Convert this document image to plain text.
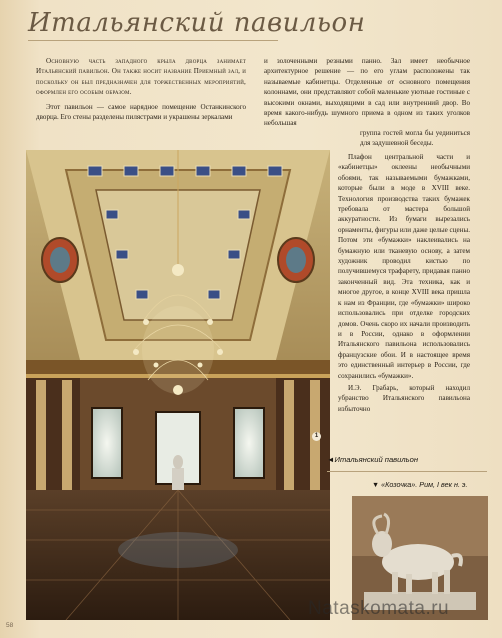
Итальянский павильон

Основную часть западного крыла дворца занимает Итальянский павильон. Он также носит название Приемный зал, и поскольку он был предназначен для торжественных мероприятий, оформлен его особым образом.

Этот павильон — самое нарядное помещение Останкинского дворца. Его стены разделены пилястрами и украшены зеркалами

и золоченными резными панно. Зал имеет необычное архитектурное решение — по его углам расположены так называемые кабинетцы. Отделенные от основного помещения колоннами, они представляют собой маленькие уютные гостиные с высокими окнами, выходящими в сад или внутренний двор. Во время какого-нибудь шумного приема в одном из таких уголков небольшая

группа гостей могла бы уединиться для задушевной беседы.

Плафон центральной части и «кабинетцы» оклеены необычными обоями, так называемыми бумажками, которые были в моде в XVIII веке. Технология производства таких бумажек требовала от мастера большой аккуратности. Из бумаги вырезались орнаменты, фигуры или даже целые сцены. Потом эти «бумажки» наклеивались на бумажную или тканевую основу, а затем художник проводил кистью по получившемуся трафарету, придавая панно законченный вид. Эта техника, как и многое другое, в конце XVIII века пришла к нам из Франции, где «бумажки» широко использовались при отделке городских домов. Очень скоро их начали производить и в России, однако в оформлении Итальянского павильона использовались французские обои. И в настоящее время это единственный интерьер в России, где сохранились «бумажки».

И.Э. Грабарь, который находил убранство Итальянского павильона избыточно

1
◄Итальянский павильон
▼ «Козочка». Рим, I век н. э.
58
Nataskomata.ru
